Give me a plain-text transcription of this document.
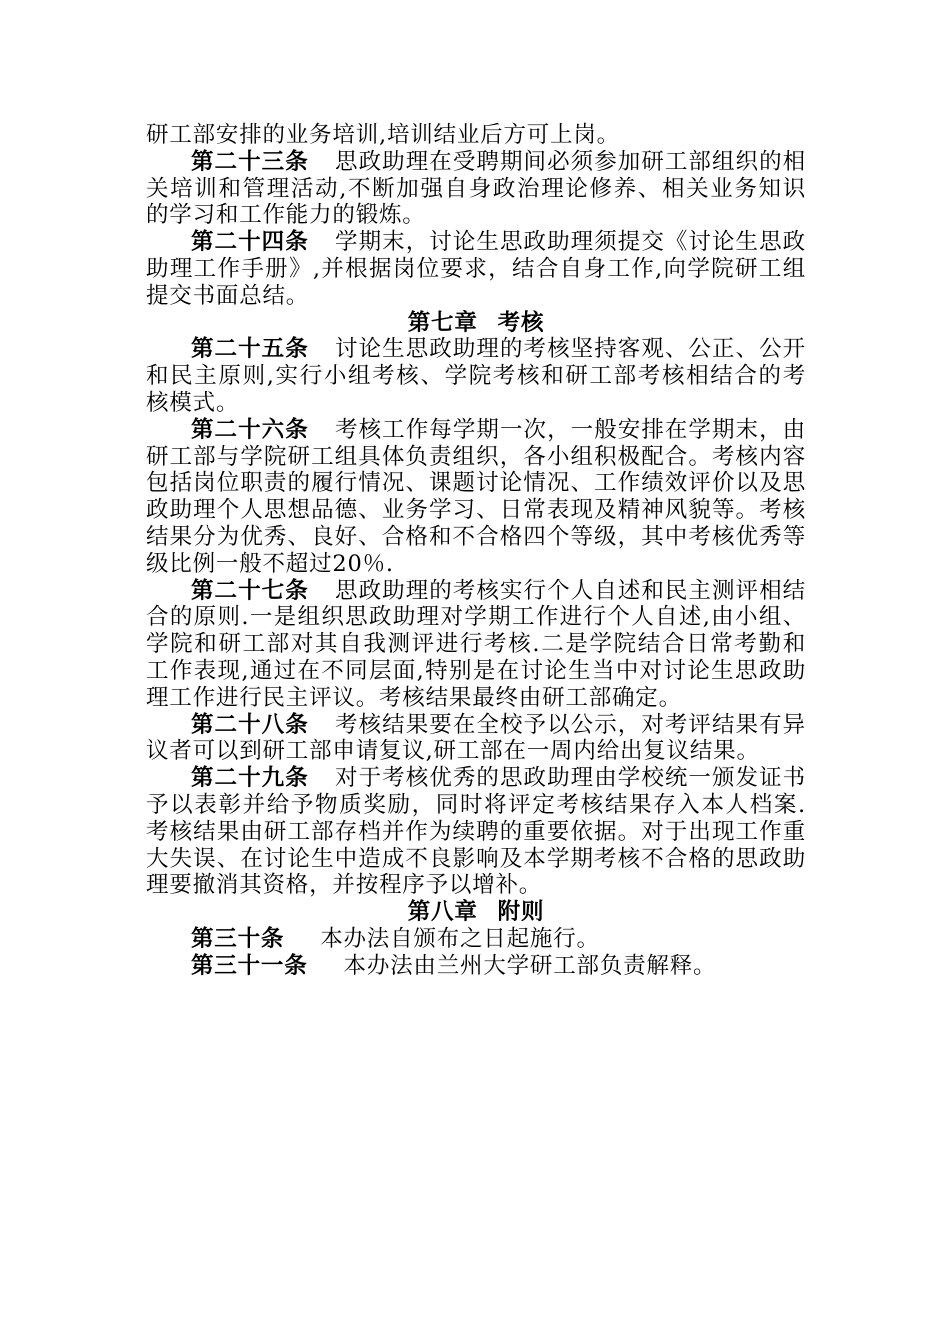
研工部安排的业务培训,培训结业后方可上岗。

第二十三条 思政助理在受聘期间必须参加研工部组织的相关培训和管理活动,不断加强自身政治理论修养、相关业务知识的学习和工作能力的锻炼。

第二十四条 学期末，讨论生思政助理须提交《讨论生思政助理工作手册》,并根据岗位要求，结合自身工作,向学院研工组提交书面总结。

第七章 考核

第二十五条 讨论生思政助理的考核坚持客观、公正、公开和民主原则,实行小组考核、学院考核和研工部考核相结合的考核模式。

第二十六条 考核工作每学期一次，一般安排在学期末，由研工部与学院研工组具体负责组织，各小组积极配合。考核内容包括岗位职责的履行情况、课题讨论情况、工作绩效评价以及思政助理个人思想品德、业务学习、日常表现及精神风貌等。考核结果分为优秀、良好、合格和不合格四个等级，其中考核优秀等级比例一般不超过20％.

第二十七条 思政助理的考核实行个人自述和民主测评相结合的原则.一是组织思政助理对学期工作进行个人自述,由小组、学院和研工部对其自我测评进行考核.二是学院结合日常考勤和工作表现,通过在不同层面,特别是在讨论生当中对讨论生思政助理工作进行民主评议。考核结果最终由研工部确定。

第二十八条 考核结果要在全校予以公示，对考评结果有异议者可以到研工部申请复议,研工部在一周内给出复议结果。

第二十九条 对于考核优秀的思政助理由学校统一颁发证书予以表彰并给予物质奖励，同时将评定考核结果存入本人档案.考核结果由研工部存档并作为续聘的重要依据。对于出现工作重大失误、在讨论生中造成不良影响及本学期考核不合格的思政助理要撤消其资格，并按程序予以增补。

第八章 附则

第三十条 本办法自颁布之日起施行。

第三十一条 本办法由兰州大学研工部负责解释。
